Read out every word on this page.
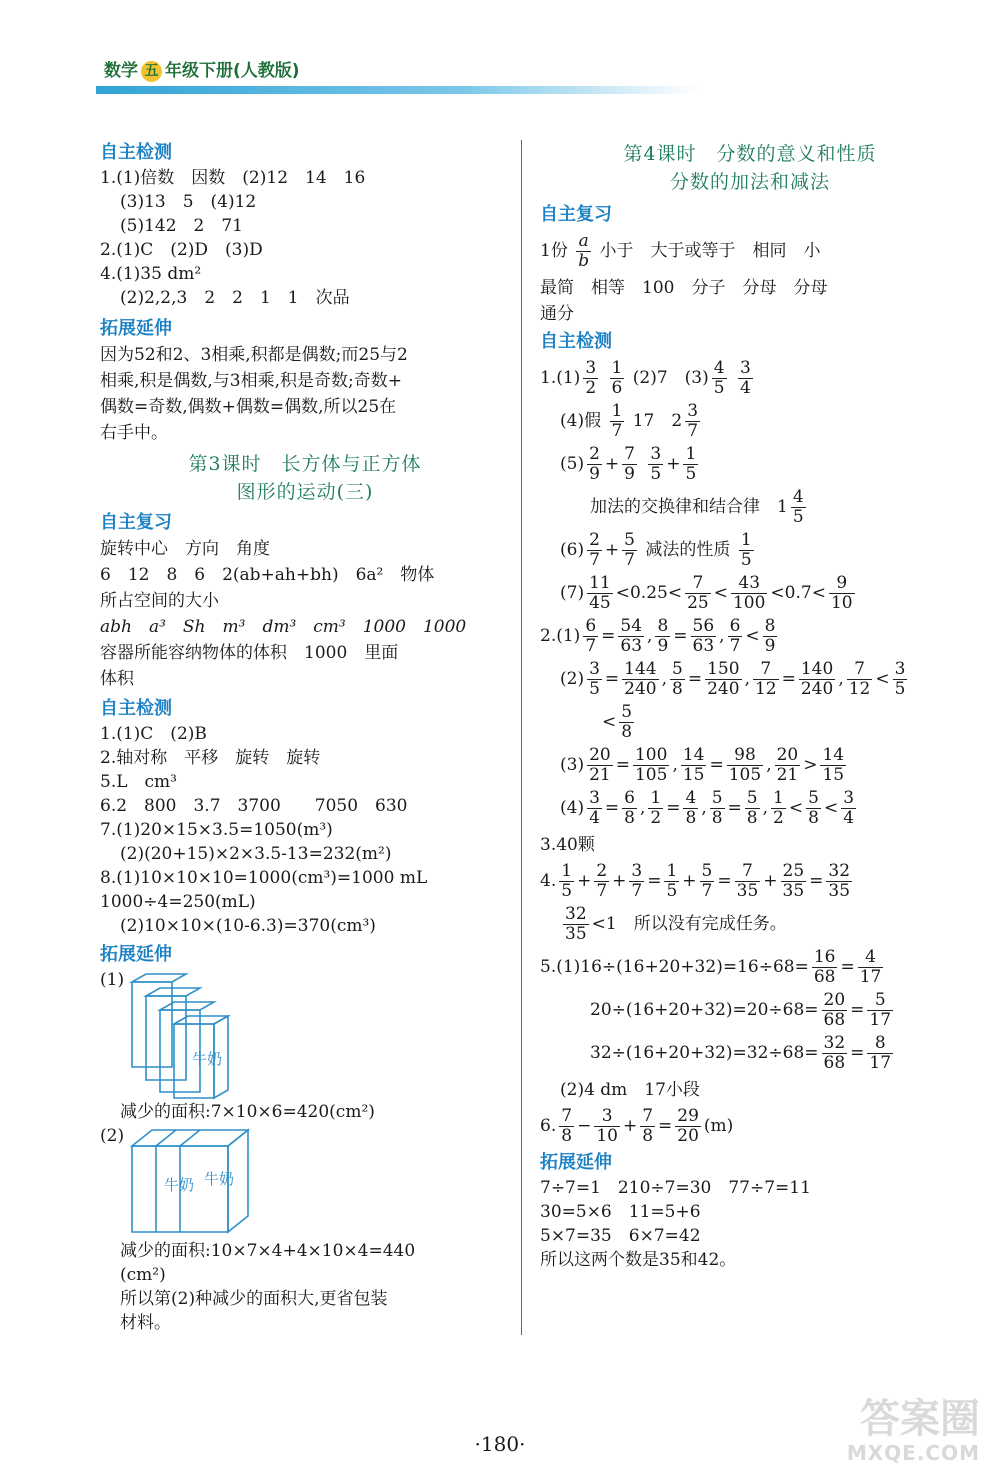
数学 五 年级下册(人教版)
自主检测
1.(1)倍数　因数　(2)12　14　16
(3)13　5　(4)12
(5)142　2　71
2.(1)C　(2)D　(3)D
4.(1)35 dm²
(2)2,2,3　2　2　1　1　次品
拓展延伸
因为52和2、3相乘,积都是偶数;而25与2
相乘,积是偶数,与3相乘,积是奇数;奇数+
偶数=奇数,偶数+偶数=偶数,所以25在
右手中。
第3课时　长方体与正方体
图形的运动(三)
自主复习
旋转中心　方向　角度
6　12　8　6　2(ab+ah+bh)　6a²　物体
所占空间的大小
abh　a³　Sh　m³　dm³　cm³　1000　1000
容器所能容纳物体的体积　1000　里面
体积
自主检测
1.(1)C　(2)B
2.轴对称　平移　旋转　旋转
5.L　cm³
6.2　800　3.7　3700　　7050　630
7.(1)20×15×3.5=1050(m³)
(2)(20+15)×2×3.5-13=232(m²)
8.(1)10×10×10=1000(cm³)=1000 mL
1000÷4=250(mL)
(2)10×10×(10-6.3)=370(cm³)
拓展延伸
(1)
牛奶
减少的面积:7×10×6=420(cm²)
(2)
牛奶 牛奶
减少的面积:10×7×4+4×10×4=440
(cm²)
所以第(2)种减少的面积大,更省包装
材料。
第4课时　分数的意义和性质
分数的加法和减法
自主复习
1份 $\frac{a}{b}$ 小于　大于或等于　相同　小
最简　相等　100　分子　分母　分母
通分
自主检测
$1.(1) \frac{3}{2}$
$\frac{1}{6} (2)7$　$(3) \frac{4}{5}$
$\frac{3}{4}$
(4)假 $\frac{1}{7} 17$　$2 \frac{3}{7}$
$(5) \frac{2}{9} + \frac{7}{9}$
$\frac{3}{5} + \frac{1}{5}$
加法的交换律和结合律　$1 \frac{4}{5}$
$(6) \frac{2}{7} + \frac{5}{7}$ 减法的性质 $\frac{1}{5}$
$(7) \frac{11}{45} <0.25< \frac{7}{25} < \frac{43}{100} <0.7< \frac{9}{10}$
$2.(1) \frac{6}{7} = \frac{54}{63}$ , $\frac{8}{9} = \frac{56}{63}$ , $\frac{6}{7} < \frac{8}{9}$
$(2) \frac{3}{5} = \frac{144}{240}$ , $\frac{5}{8} = \frac{150}{240}$ , $\frac{7}{12} = \frac{140}{240}$ , $\frac{7}{12} < \frac{3}{5}$
< $\frac{5}{8}$
$(3) \frac{20}{21} = \frac{100}{105}$ , $\frac{14}{15} = \frac{98}{105}$ , $\frac{20}{21} > \frac{14}{15}$
$(4) \frac{3}{4} = \frac{6}{8}$ , $\frac{1}{2} = \frac{4}{8}$ , $\frac{5}{8} = \frac{5}{8}$ , $\frac{1}{2} < \frac{5}{8} < \frac{3}{4}$
3.40颗
4. $\frac{1}{5} + \frac{2}{7} + \frac{3}{7} = \frac{1}{5} + \frac{5}{7} = \frac{7}{35} + \frac{25}{35} = \frac{32}{35}$
$\frac{32}{35} <1$　所以没有完成任务。
$5.(1)16\div(16+20+32)=16\div 68= \frac{16}{68} = \frac{4}{17}$
$20\div(16+20+32)=20\div 68= \frac{20}{68} = \frac{5}{17}$
$32\div(16+20+32)=32\div 68= \frac{32}{68} = \frac{8}{17}$
(2)4 dm　17小段
6. $\frac{7}{8} - \frac{3}{10} + \frac{7}{8} = \frac{29}{20} (m)$
拓展延伸
7÷7=1　210÷7=30　77÷7=11
30=5×6　11=5+6
5×7=35　6×7=42
所以这两个数是35和42。
·180·
答案圈
MXQE.COM
